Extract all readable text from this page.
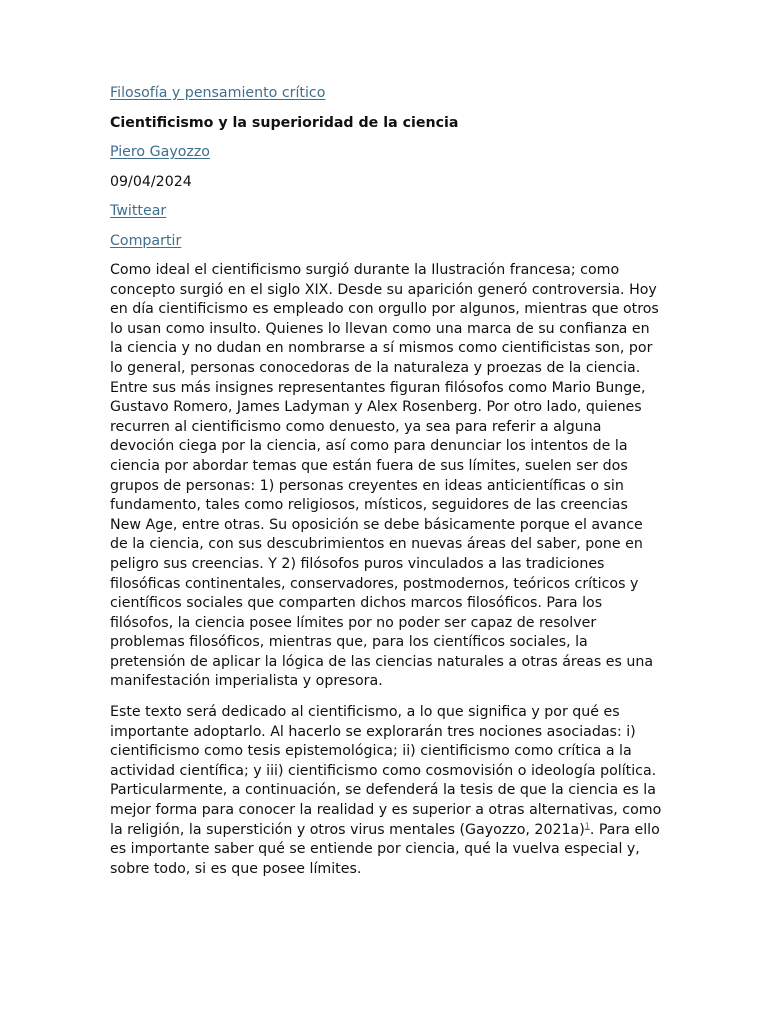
Filosofía y pensamiento crítico
Cientificismo y la superioridad de la ciencia
Piero Gayozzo
09/04/2024
Twittear
Compartir

Como ideal el cientificismo surgió durante la Ilustración francesa; como concepto surgió en el siglo XIX. Desde su aparición generó controversia. Hoy en día cientificismo es empleado con orgullo por algunos, mientras que otros lo usan como insulto. Quienes lo llevan como una marca de su confianza en la ciencia y no dudan en nombrarse a sí mismos como cientificistas son, por lo general, personas conocedoras de la naturaleza y proezas de la ciencia. Entre sus más insignes representantes figuran filósofos como Mario Bunge, Gustavo Romero, James Ladyman y Alex Rosenberg. Por otro lado, quienes recurren al cientificismo como denuesto, ya sea para referir a alguna devoción ciega por la ciencia, así como para denunciar los intentos de la ciencia por abordar temas que están fuera de sus límites, suelen ser dos grupos de personas: 1) personas creyentes en ideas anticientíficas o sin fundamento, tales como religiosos, místicos, seguidores de las creencias New Age, entre otras. Su oposición se debe básicamente porque el avance de la ciencia, con sus descubrimientos en nuevas áreas del saber, pone en peligro sus creencias. Y 2) filósofos puros vinculados a las tradiciones filosóficas continentales, conservadores, postmodernos, teóricos críticos y científicos sociales que comparten dichos marcos filosóficos. Para los filósofos, la ciencia posee límites por no poder ser capaz de resolver problemas filosóficos, mientras que, para los científicos sociales, la pretensión de aplicar la lógica de las ciencias naturales a otras áreas es una manifestación imperialista y opresora.

Este texto será dedicado al cientificismo, a lo que significa y por qué es importante adoptarlo. Al hacerlo se explorarán tres nociones asociadas: i) cientificismo como tesis epistemológica; ii) cientificismo como crítica a la actividad científica; y iii) cientificismo como cosmovisión o ideología política. Particularmente, a continuación, se defenderá la tesis de que la ciencia es la mejor forma para conocer la realidad y es superior a otras alternativas, como la religión, la superstición y otros virus mentales (Gayozzo, 2021a)$^1$. Para ello es importante saber qué se entiende por ciencia, qué la vuelva especial y, sobre todo, si es que posee límites.
